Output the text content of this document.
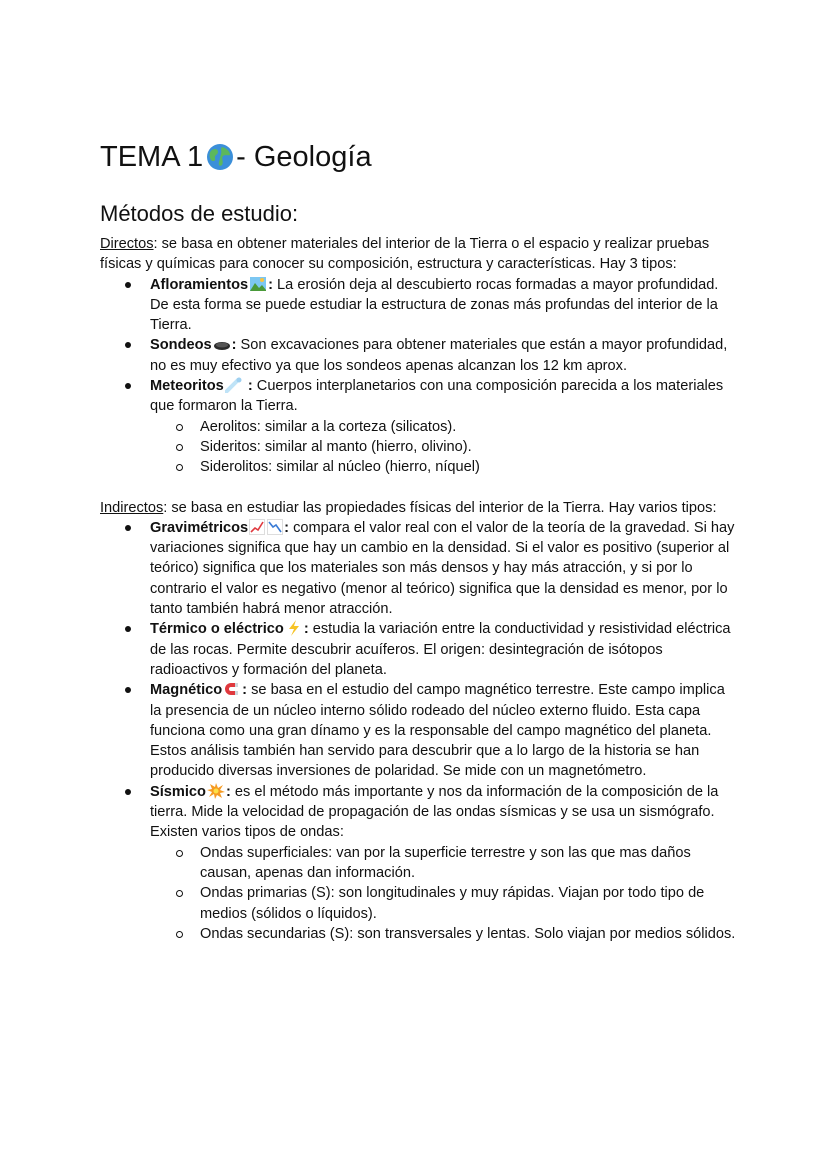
TEMA 1 - Geología
Métodos de estudio:

Directos: se basa en obtener materiales del interior de la Tierra o el espacio y realizar pruebas físicas y químicas para conocer su composición, estructura y características. Hay 3 tipos:

Afloramientos : La erosión deja al descubierto rocas formadas a mayor profundidad. De esta forma se puede estudiar la estructura de zonas más profundas del interior de la Tierra.
Sondeos : Son excavaciones para obtener materiales que están a mayor profundidad, no es muy efectivo ya que los sondeos apenas alcanzan los 12 km aprox.
Meteoritos
: Cuerpos interplanetarios con una composición parecida a los materiales que formaron la Tierra.
Aerolitos: similar a la corteza (silicatos).
Sideritos: similar al manto (hierro, olivino).
Siderolitos: similar al núcleo (hierro, níquel)

Indirectos: se basa en estudiar las propiedades físicas del interior de la Tierra. Hay varios tipos:

Gravimétricos : compara el valor real con el valor de la teoría de la gravedad. Si hay variaciones significa que hay un cambio en la densidad. Si el valor es positivo (superior al teórico) significa que los materiales son más densos y hay más atracción, y si por lo contrario el valor es negativo (menor al teórico) significa que la densidad es menor, por lo tanto también habrá menor atracción.
Térmico o eléctrico : estudia la variación entre la conductividad y resistividad eléctrica de las rocas. Permite descubrir acuíferos. El origen: desintegración de isótopos radioactivos y formación del planeta.
Magnético : se basa en el estudio del campo magnético terrestre. Este campo implica la presencia de un núcleo interno sólido rodeado del núcleo externo fluido. Esta capa funciona como una gran dínamo y es la responsable del campo magnético del planeta. Estos análisis también han servido para descubrir que a lo largo de la historia se han producido diversas inversiones de polaridad. Se mide con un magnetómetro.
Sísmico : es el método más importante y nos da información de la composición de la tierra. Mide la velocidad de propagación de las ondas sísmicas y se usa un sismógrafo. Existen varios tipos de ondas:
Ondas superficiales: van por la superficie terrestre y son las que mas daños causan, apenas dan información.
Ondas primarias (S): son longitudinales y muy rápidas. Viajan por todo tipo de medios (sólidos o líquidos).
Ondas secundarias (S): son transversales y lentas. Solo viajan por medios sólidos.
